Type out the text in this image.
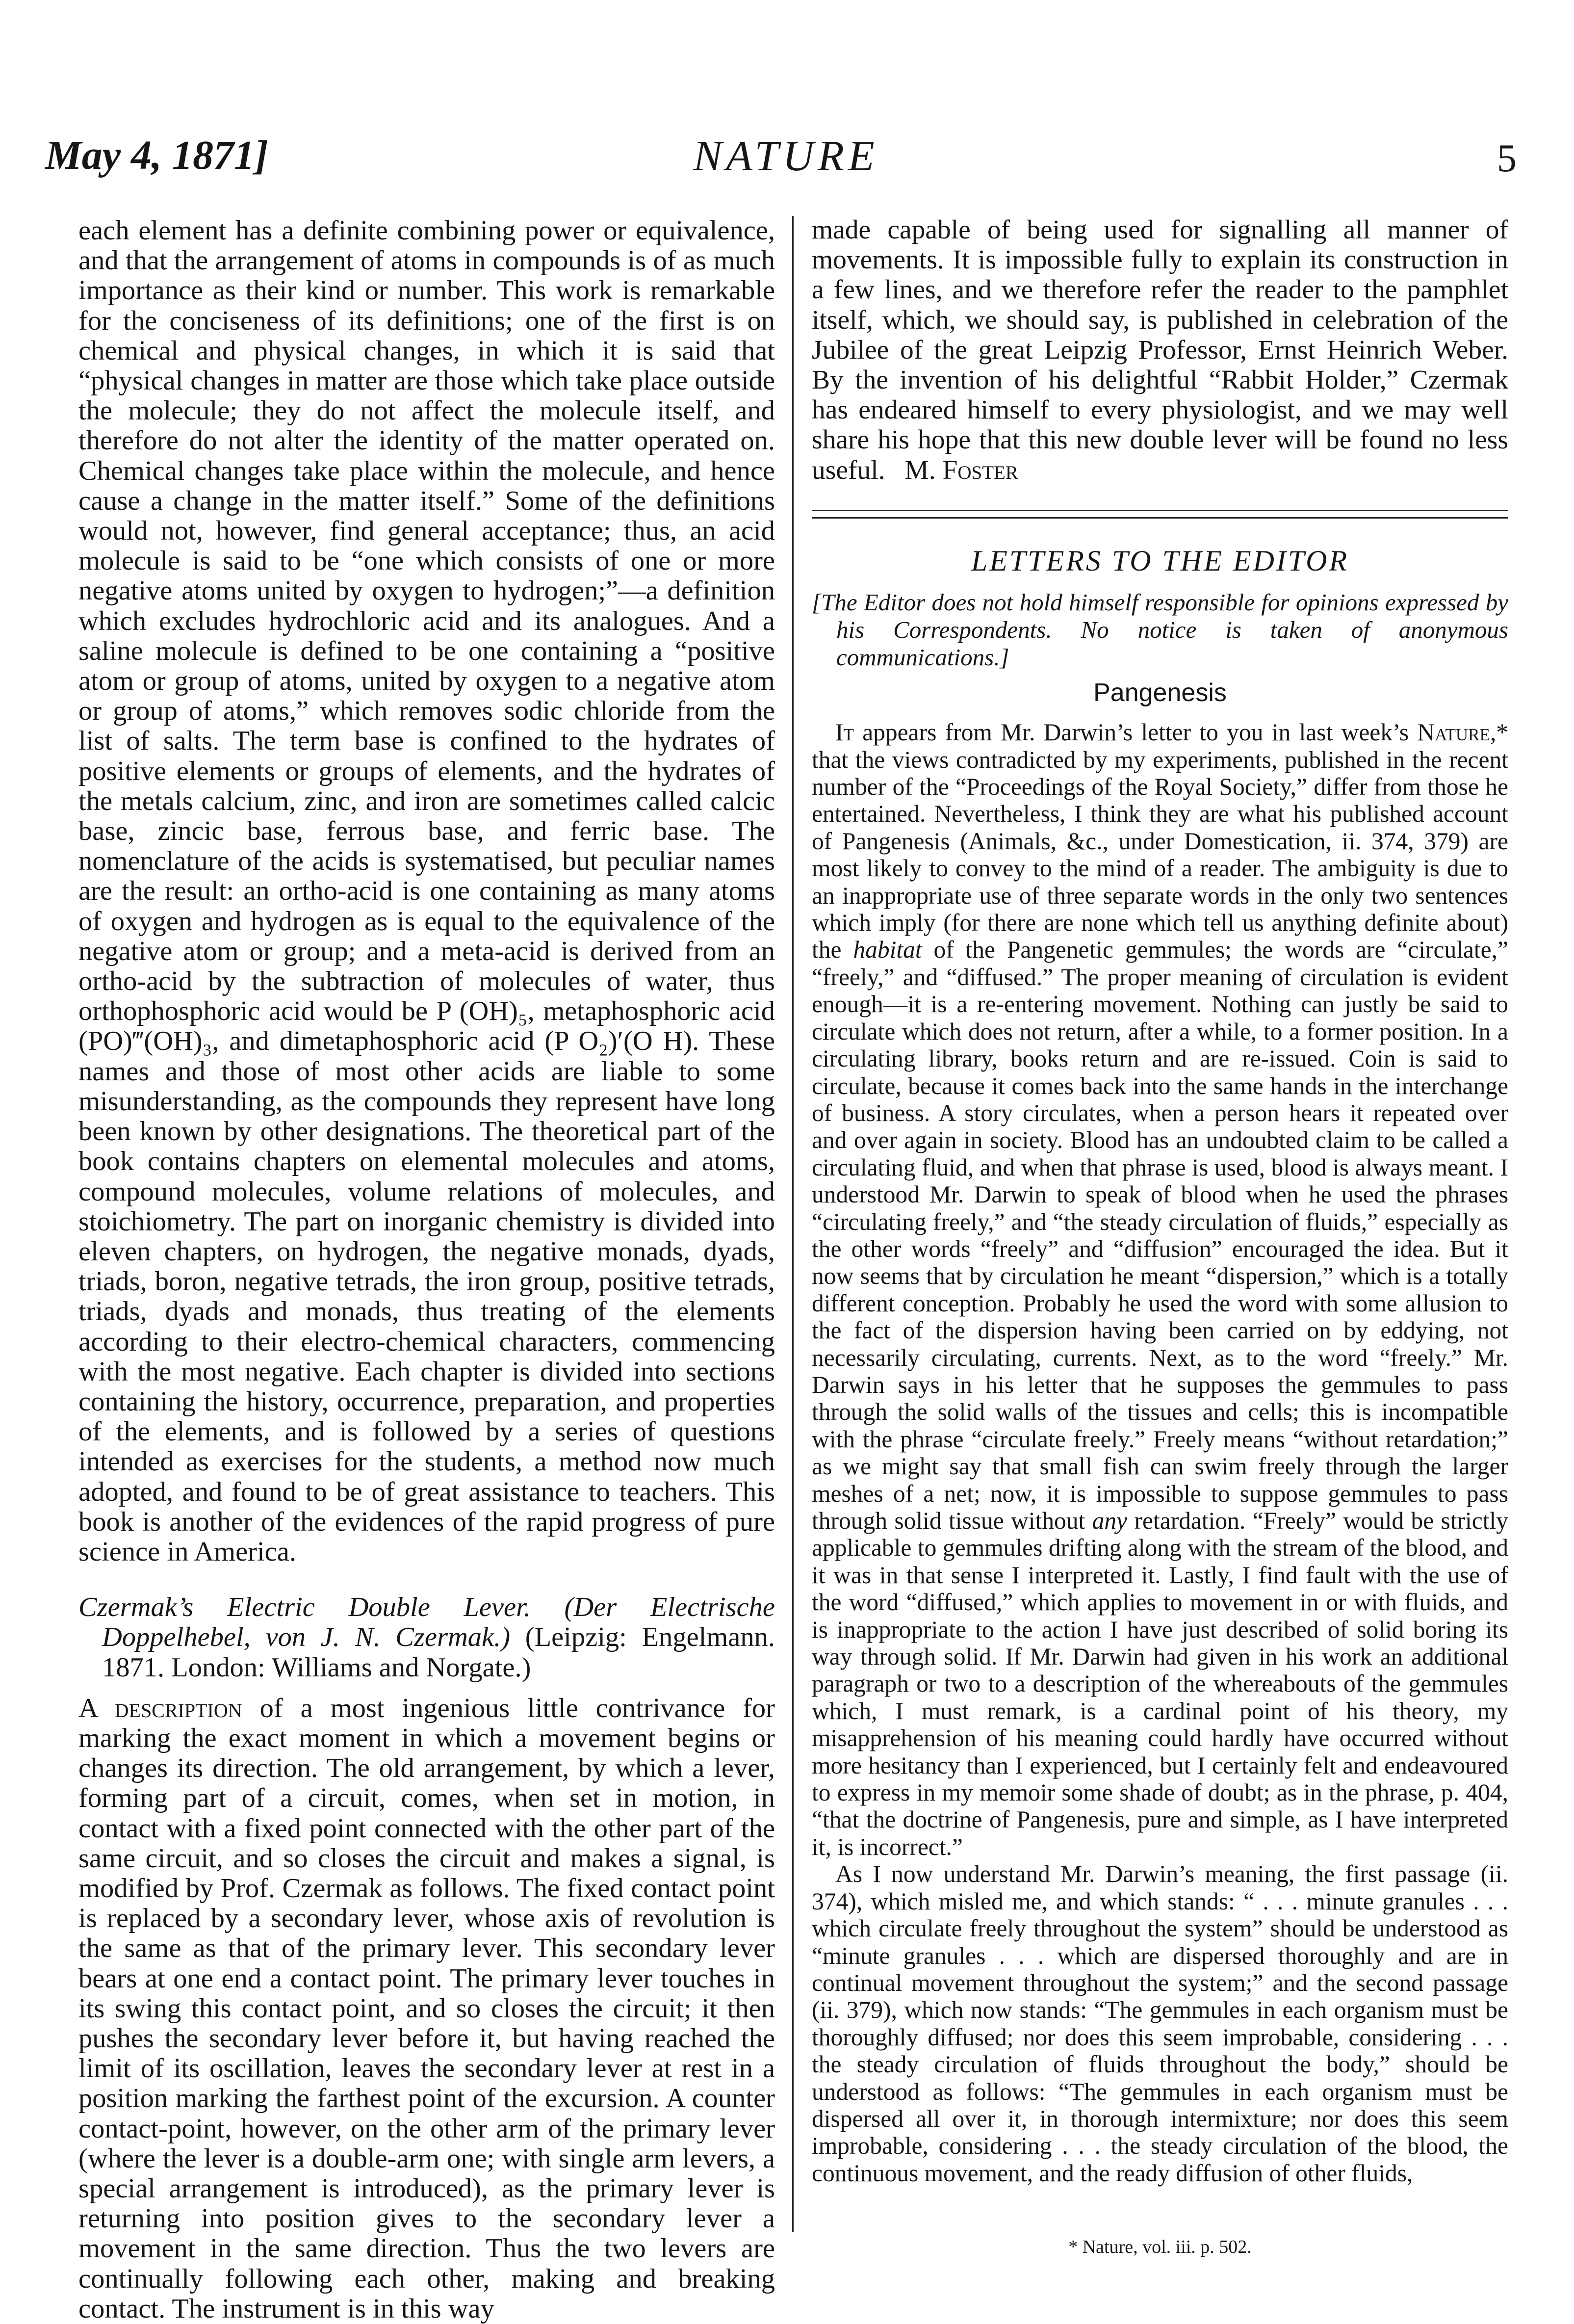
May 4, 1871]	NATURE	5

each element has a definite combining power or equivalence, and that the arrangement of atoms in compounds is of as much importance as their kind or number. This work is remarkable for the conciseness of its definitions; one of the first is on chemical and physical changes, in which it is said that “physical changes in matter are those which take place outside the molecule; they do not affect the molecule itself, and therefore do not alter the identity of the matter operated on. Chemical changes take place within the molecule, and hence cause a change in the matter itself.” Some of the definitions would not, however, find general acceptance; thus, an acid molecule is said to be “one which consists of one or more negative atoms united by oxygen to hydrogen;”—a definition which excludes hydrochloric acid and its analogues. And a saline molecule is defined to be one containing a “positive atom or group of atoms, united by oxygen to a negative atom or group of atoms,” which removes sodic chloride from the list of salts. The term base is confined to the hydrates of positive elements or groups of elements, and the hydrates of the metals calcium, zinc, and iron are sometimes called calcic base, zincic base, ferrous base, and ferric base. The nomenclature of the acids is systematised, but peculiar names are the result: an ortho-acid is one containing as many atoms of oxygen and hydrogen as is equal to the equivalence of the negative atom or group; and a meta-acid is derived from an ortho-acid by the subtraction of molecules of water, thus orthophosphoric acid would be P (OH)₅, metaphosphoric acid (PO)‴(OH)₃, and dimetaphosphoric acid (P O₂)′(O H). These names and those of most other acids are liable to some misunderstanding, as the compounds they represent have long been known by other designations. The theoretical part of the book contains chapters on elemental molecules and atoms, compound molecules, volume relations of molecules, and stoichiometry. The part on inorganic chemistry is divided into eleven chapters, on hydrogen, the negative monads, dyads, triads, boron, negative tetrads, the iron group, positive tetrads, triads, dyads and monads, thus treating of the elements according to their electro-chemical characters, commencing with the most negative. Each chapter is divided into sections containing the history, occurrence, preparation, and properties of the elements, and is followed by a series of questions intended as exercises for the students, a method now much adopted, and found to be of great assistance to teachers. This book is another of the evidences of the rapid progress of pure science in America.

Czermak’s Electric Double Lever. (Der Electrische Doppelhebel, von J. N. Czermak.) (Leipzig: Engelmann. 1871. London: Williams and Norgate.)

A description of a most ingenious little contrivance for marking the exact moment in which a movement begins or changes its direction. The old arrangement, by which a lever, forming part of a circuit, comes, when set in motion, in contact with a fixed point connected with the other part of the same circuit, and so closes the circuit and makes a signal, is modified by Prof. Czermak as follows. The fixed contact point is replaced by a secondary lever, whose axis of revolution is the same as that of the primary lever. This secondary lever bears at one end a contact point. The primary lever touches in its swing this contact point, and so closes the circuit; it then pushes the secondary lever before it, but having reached the limit of its oscillation, leaves the secondary lever at rest in a position marking the farthest point of the excursion. A counter contact-point, however, on the other arm of the primary lever (where the lever is a double-arm one; with single arm levers, a special arrangement is introduced), as the primary lever is returning into position gives to the secondary lever a movement in the same direction. Thus the two levers are continually following each other, making and breaking contact. The instrument is in this way

made capable of being used for signalling all manner of movements. It is impossible fully to explain its construction in a few lines, and we therefore refer the reader to the pamphlet itself, which, we should say, is published in celebration of the Jubilee of the great Leipzig Professor, Ernst Heinrich Weber. By the invention of his delightful “Rabbit Holder,” Czermak has endeared himself to every physiologist, and we may well share his hope that this new double lever will be found no less useful. M. Foster

LETTERS TO THE EDITOR

[The Editor does not hold himself responsible for opinions expressed by his Correspondents. No notice is taken of anonymous communications.]

Pangenesis

It appears from Mr. Darwin’s letter to you in last week’s Nature,* that the views contradicted by my experiments, published in the recent number of the “Proceedings of the Royal Society,” differ from those he entertained. Nevertheless, I think they are what his published account of Pangenesis (Animals, &c., under Domestication, ii. 374, 379) are most likely to convey to the mind of a reader. The ambiguity is due to an inappropriate use of three separate words in the only two sentences which imply (for there are none which tell us anything definite about) the habitat of the Pangenetic gemmules; the words are “circulate,” “freely,” and “diffused.” The proper meaning of circulation is evident enough—it is a re-entering movement. Nothing can justly be said to circulate which does not return, after a while, to a former position. In a circulating library, books return and are re-issued. Coin is said to circulate, because it comes back into the same hands in the interchange of business. A story circulates, when a person hears it repeated over and over again in society. Blood has an undoubted claim to be called a circulating fluid, and when that phrase is used, blood is always meant. I understood Mr. Darwin to speak of blood when he used the phrases “circulating freely,” and “the steady circulation of fluids,” especially as the other words “freely” and “diffusion” encouraged the idea. But it now seems that by circulation he meant “dispersion,” which is a totally different conception. Probably he used the word with some allusion to the fact of the dispersion having been carried on by eddying, not necessarily circulating, currents. Next, as to the word “freely.” Mr. Darwin says in his letter that he supposes the gemmules to pass through the solid walls of the tissues and cells; this is incompatible with the phrase “circulate freely.” Freely means “without retardation;” as we might say that small fish can swim freely through the larger meshes of a net; now, it is impossible to suppose gemmules to pass through solid tissue without any retardation. “Freely” would be strictly applicable to gemmules drifting along with the stream of the blood, and it was in that sense I interpreted it. Lastly, I find fault with the use of the word “diffused,” which applies to movement in or with fluids, and is inappropriate to the action I have just described of solid boring its way through solid. If Mr. Darwin had given in his work an additional paragraph or two to a description of the whereabouts of the gemmules which, I must remark, is a cardinal point of his theory, my misapprehension of his meaning could hardly have occurred without more hesitancy than I experienced, but I certainly felt and endeavoured to express in my memoir some shade of doubt; as in the phrase, p. 404, “that the doctrine of Pangenesis, pure and simple, as I have interpreted it, is incorrect.”

As I now understand Mr. Darwin’s meaning, the first passage (ii. 374), which misled me, and which stands: “ . . . minute granules . . . which circulate freely throughout the system” should be understood as “minute granules . . . which are dispersed thoroughly and are in continual movement throughout the system;” and the second passage (ii. 379), which now stands: “The gemmules in each organism must be thoroughly diffused; nor does this seem improbable, considering . . . the steady circulation of fluids throughout the body,” should be understood as follows: “The gemmules in each organism must be dispersed all over it, in thorough intermixture; nor does this seem improbable, considering . . . the steady circulation of the blood, the continuous movement, and the ready diffusion of other fluids,

* Nature, vol. iii. p. 502.
